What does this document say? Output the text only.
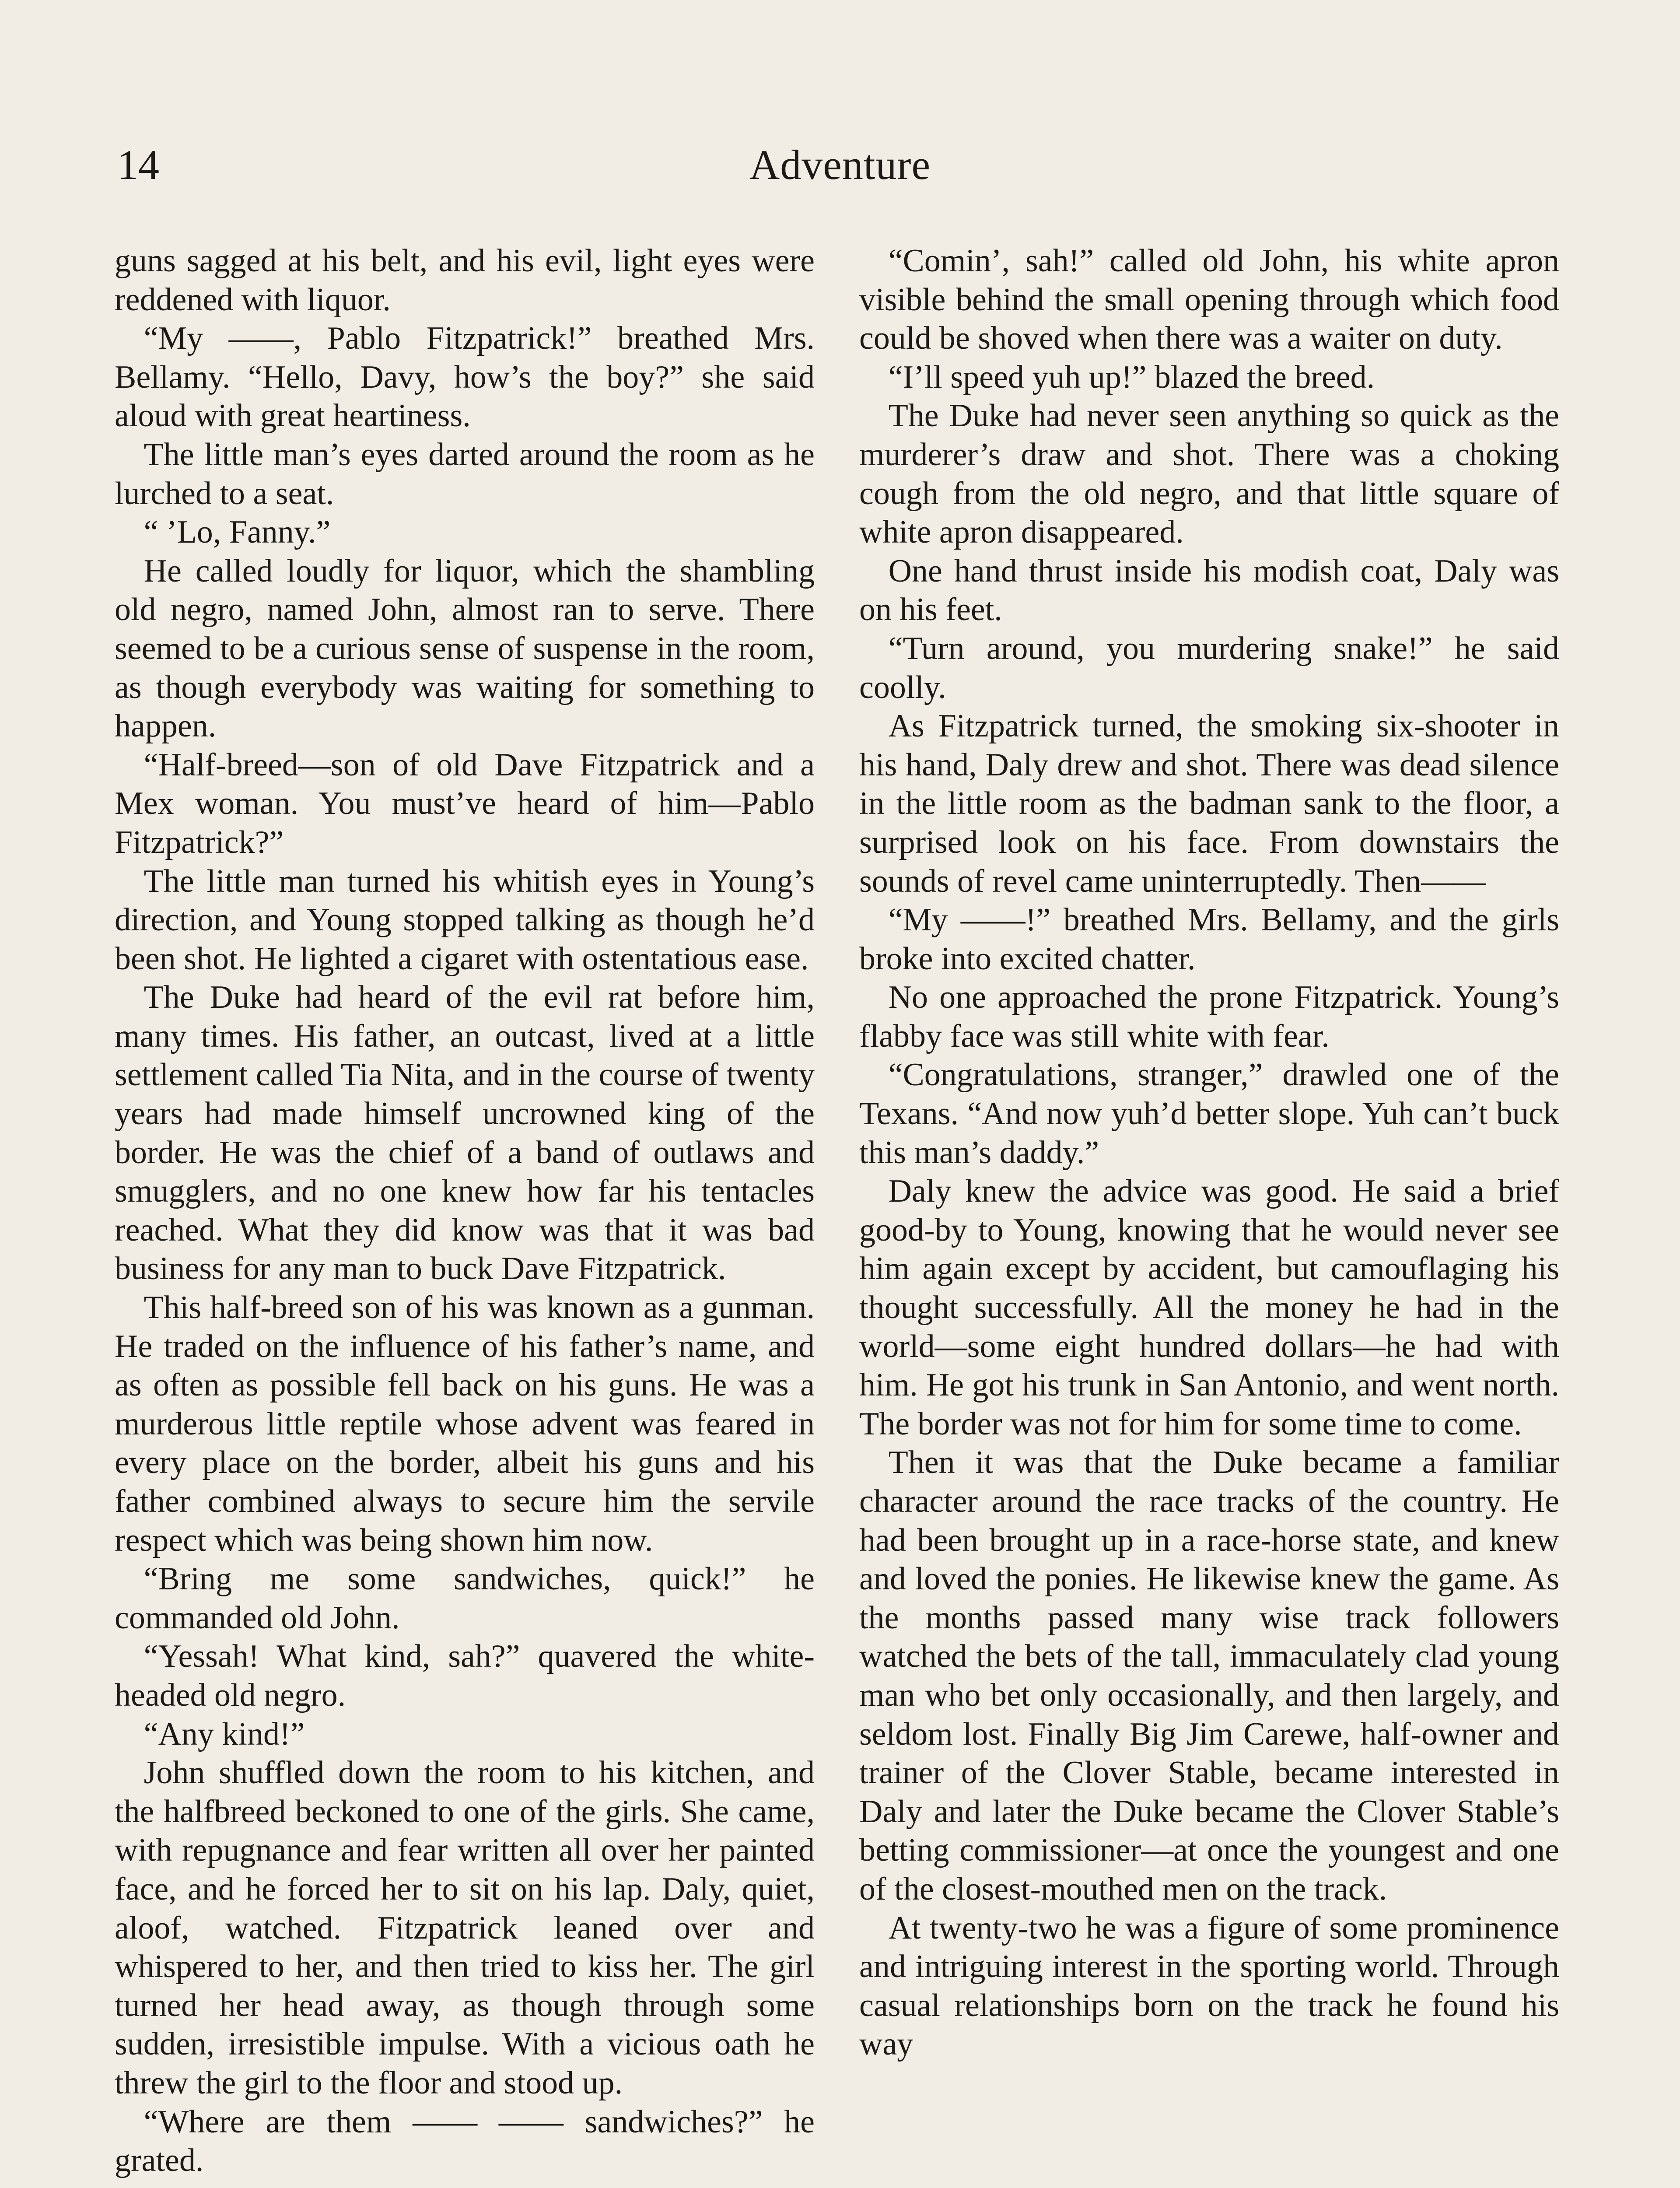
14	Adventure

guns sagged at his belt, and his evil, light eyes were reddened with liquor.

“My ——, Pablo Fitzpatrick!” breathed Mrs. Bellamy. “Hello, Davy, how’s the boy?” she said aloud with great heartiness.

The little man’s eyes darted around the room as he lurched to a seat.

“ ’Lo, Fanny.”

He called loudly for liquor, which the shambling old negro, named John, almost ran to serve. There seemed to be a curious sense of suspense in the room, as though everybody was waiting for something to happen.

“Half-breed—son of old Dave Fitzpatrick and a Mex woman. You must’ve heard of him—Pablo Fitzpatrick?”

The little man turned his whitish eyes in Young’s direction, and Young stopped talking as though he’d been shot. He lighted a cigaret with ostentatious ease.

The Duke had heard of the evil rat before him, many times. His father, an outcast, lived at a little settlement called Tia Nita, and in the course of twenty years had made himself uncrowned king of the border. He was the chief of a band of outlaws and smugglers, and no one knew how far his tentacles reached. What they did know was that it was bad business for any man to buck Dave Fitzpatrick.

This half-breed son of his was known as a gunman. He traded on the influence of his father’s name, and as often as possible fell back on his guns. He was a murderous little reptile whose advent was feared in every place on the border, albeit his guns and his father combined always to secure him the servile respect which was being shown him now.

“Bring me some sandwiches, quick!” he commanded old John.

“Yessah! What kind, sah?” quavered the white-headed old negro.

“Any kind!”

John shuffled down the room to his kitchen, and the halfbreed beckoned to one of the girls. She came, with repugnance and fear written all over her painted face, and he forced her to sit on his lap. Daly, quiet, aloof, watched. Fitzpatrick leaned over and whispered to her, and then tried to kiss her. The girl turned her head away, as though through some sudden, irresistible impulse. With a vicious oath he threw the girl to the floor and stood up.

“Where are them —— —— sandwiches?” he grated.

“Comin’, sah!” called old John, his white apron visible behind the small opening through which food could be shoved when there was a waiter on duty.

“I’ll speed yuh up!” blazed the breed.

The Duke had never seen anything so quick as the murderer’s draw and shot. There was a choking cough from the old negro, and that little square of white apron disappeared.

One hand thrust inside his modish coat, Daly was on his feet.

“Turn around, you murdering snake!” he said coolly.

As Fitzpatrick turned, the smoking six-shooter in his hand, Daly drew and shot. There was dead silence in the little room as the badman sank to the floor, a surprised look on his face. From downstairs the sounds of revel came uninterruptedly. Then——

“My ——!” breathed Mrs. Bellamy, and the girls broke into excited chatter.

No one approached the prone Fitzpatrick. Young’s flabby face was still white with fear.

“Congratulations, stranger,” drawled one of the Texans. “And now yuh’d better slope. Yuh can’t buck this man’s daddy.”

Daly knew the advice was good. He said a brief good-by to Young, knowing that he would never see him again except by accident, but camouflaging his thought successfully. All the money he had in the world—some eight hundred dollars—he had with him. He got his trunk in San Antonio, and went north. The border was not for him for some time to come.

Then it was that the Duke became a familiar character around the race tracks of the country. He had been brought up in a race-horse state, and knew and loved the ponies. He likewise knew the game. As the months passed many wise track followers watched the bets of the tall, immaculately clad young man who bet only occasionally, and then largely, and seldom lost. Finally Big Jim Carewe, half-owner and trainer of the Clover Stable, became interested in Daly and later the Duke became the Clover Stable’s betting commissioner—at once the youngest and one of the closest-mouthed men on the track.

At twenty-two he was a figure of some prominence and intriguing interest in the sporting world. Through casual relationships born on the track he found his way
